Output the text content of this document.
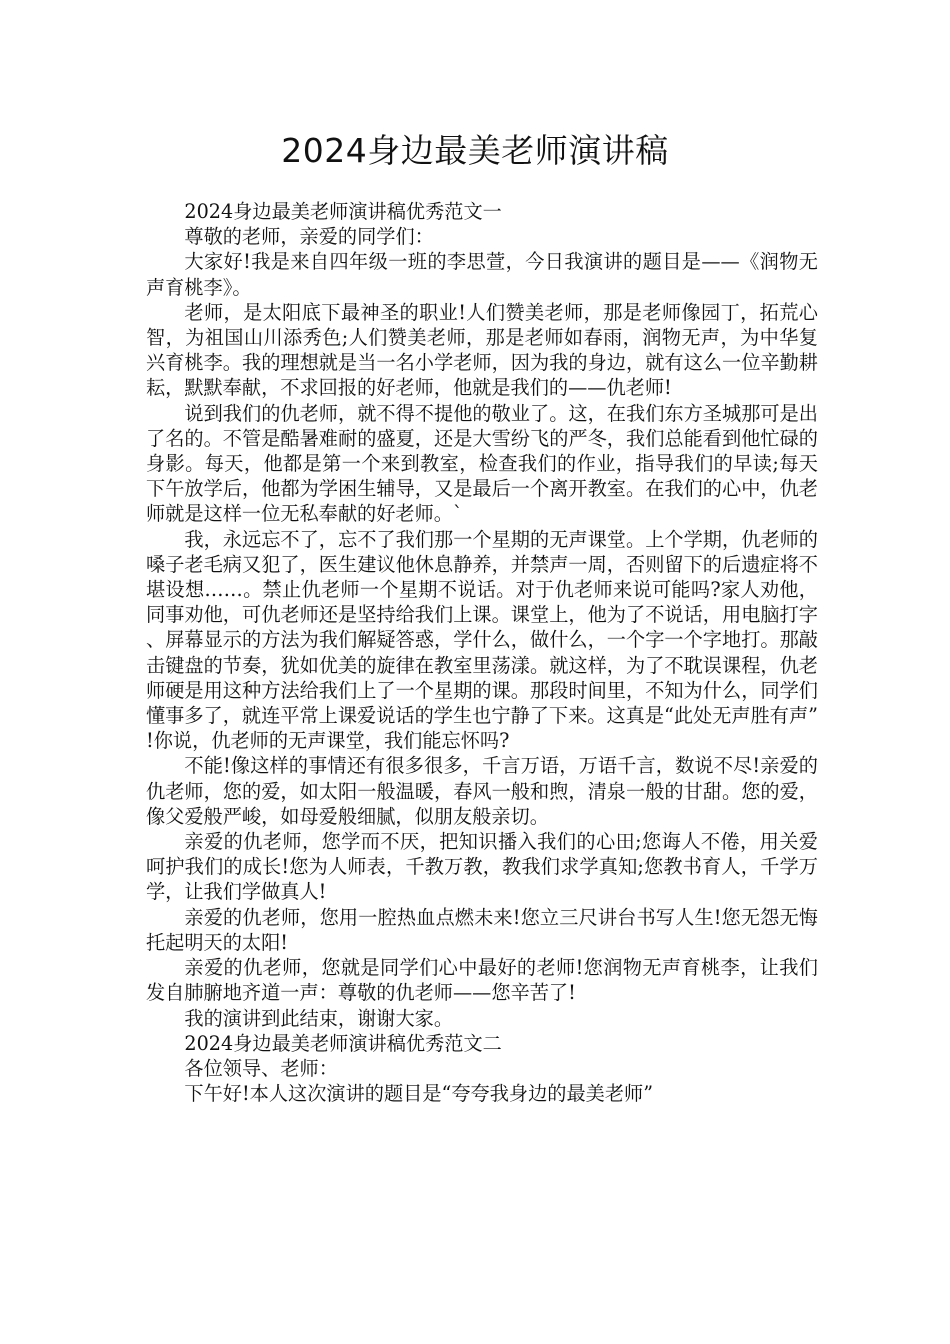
2024身边最美老师演讲稿

2024身边最美老师演讲稿优秀范文一

尊敬的老师，亲爱的同学们：

大家好!我是来自四年级一班的李思萱，今日我演讲的题目是——《润物无声育桃李》。

老师，是太阳底下最神圣的职业!人们赞美老师，那是老师像园丁，拓荒心智，为祖国山川添秀色;人们赞美老师，那是老师如春雨，润物无声，为中华复兴育桃李。我的理想就是当一名小学老师，因为我的身边，就有这么一位辛勤耕耘，默默奉献，不求回报的好老师，他就是我们的——仇老师!

说到我们的仇老师，就不得不提他的敬业了。这，在我们东方圣城那可是出了名的。不管是酷暑难耐的盛夏，还是大雪纷飞的严冬，我们总能看到他忙碌的身影。每天，他都是第一个来到教室，检查我们的作业，指导我们的早读;每天下午放学后，他都为学困生辅导，又是最后一个离开教室。在我们的心中，仇老师就是这样一位无私奉献的好老师。`

我，永远忘不了，忘不了我们那一个星期的无声课堂。上个学期，仇老师的嗓子老毛病又犯了，医生建议他休息静养，并禁声一周，否则留下的后遗症将不堪设想……。禁止仇老师一个星期不说话。对于仇老师来说可能吗?家人劝他，同事劝他，可仇老师还是坚持给我们上课。课堂上，他为了不说话，用电脑打字、屏幕显示的方法为我们解疑答惑，学什么，做什么，一个字一个字地打。那敲击键盘的节奏，犹如优美的旋律在教室里荡漾。就这样，为了不耽误课程，仇老师硬是用这种方法给我们上了一个星期的课。那段时间里，不知为什么，同学们懂事多了，就连平常上课爱说话的学生也宁静了下来。这真是“此处无声胜有声”!你说，仇老师的无声课堂，我们能忘怀吗?

不能!像这样的事情还有很多很多，千言万语，万语千言，数说不尽!亲爱的仇老师，您的爱，如太阳一般温暖，春风一般和煦，清泉一般的甘甜。您的爱，像父爱般严峻，如母爱般细腻，似朋友般亲切。

亲爱的仇老师，您学而不厌，把知识播入我们的心田;您诲人不倦，用关爱呵护我们的成长!您为人师表，千教万教，教我们求学真知;您教书育人，千学万学，让我们学做真人!

亲爱的仇老师，您用一腔热血点燃未来!您立三尺讲台书写人生!您无怨无悔托起明天的太阳!

亲爱的仇老师，您就是同学们心中最好的老师!您润物无声育桃李，让我们发自肺腑地齐道一声：尊敬的仇老师——您辛苦了!

我的演讲到此结束，谢谢大家。

2024身边最美老师演讲稿优秀范文二

各位领导、老师：

下午好!本人这次演讲的题目是“夸夸我身边的最美老师”
